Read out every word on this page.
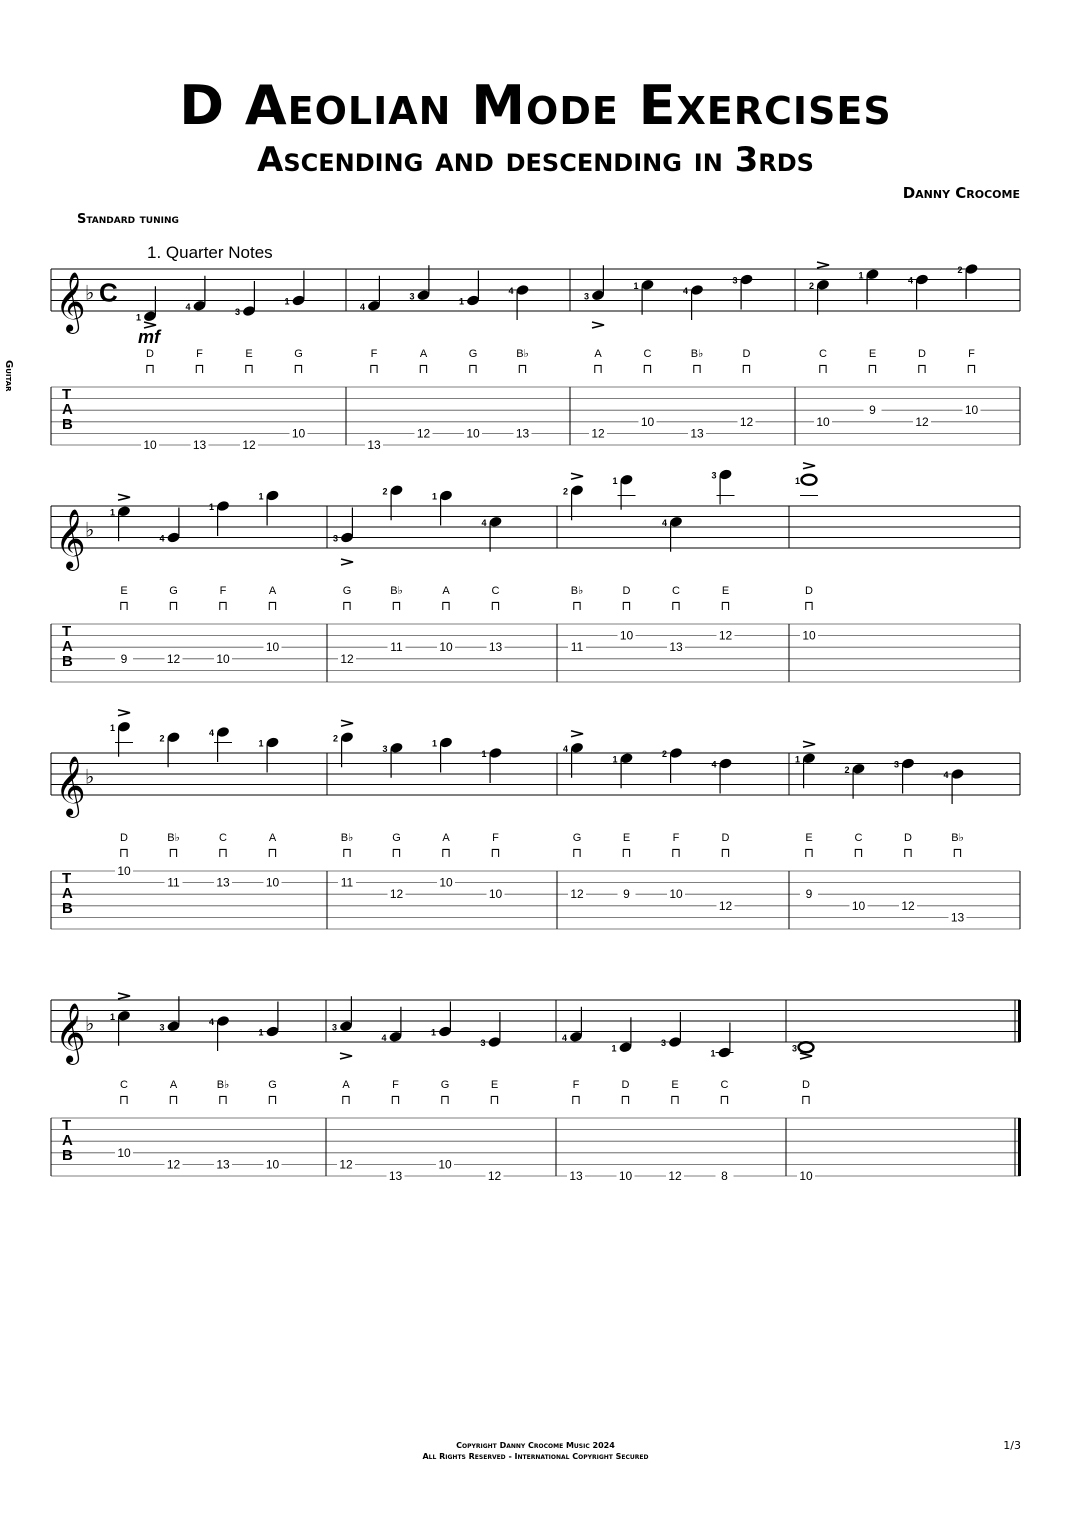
D Aeolian Mode Exercises
Ascending and descending in 3rds
Danny Crocome
Standard tuning
Guitar
𝄞 ♭ C
1. Quarter Notes
mf
T
A
B
1
D
⊓
10
4
F
⊓
13
3
E
⊓
12
1
G
⊓
10
4
F
⊓
13
3
A
⊓
12
1
G
⊓
10
4
B♭
⊓
13
3
A
⊓
12
1
C
⊓
10
4
B♭
⊓
13
3
D
⊓
12
2
C
⊓
10
1
E
⊓
9
4
D
⊓
12
2
F
⊓
10
𝄞 ♭
T
A
B
1
E
⊓
9
4
G
⊓
12
1
F
⊓
10
1
A
⊓
10
3
G
⊓
12
2
B♭
⊓
11
1
A
⊓
10
4
C
⊓
13
2
B♭
⊓
11
1
D
⊓
10
4
C
⊓
13
3
E
⊓
12
1
D
⊓
10
𝄞 ♭
T
A
B
1
D
⊓
10
2
B♭
⊓
11
4
C
⊓
13
1
A
⊓
10
2
B♭
⊓
11
3
G
⊓
12
1
A
⊓
10
1
F
⊓
10
4
G
⊓
12
1
E
⊓
9
2
F
⊓
10
4
D
⊓
12
1
E
⊓
9
2
C
⊓
10
3
D
⊓
12
4
B♭
⊓
13
𝄞 ♭
T
A
B
1
C
⊓
10
3
A
⊓
12
4
B♭
⊓
13
1
G
⊓
10
3
A
⊓
12
4
F
⊓
13
1
G
⊓
10
3
E
⊓
12
4
F
⊓
13
1
D
⊓
10
3
E
⊓
12
1
C
⊓
8
3
D
⊓
10
Copyright Danny Crocome Music 2024
All Rights Reserved - International Copyright Secured
1/3
